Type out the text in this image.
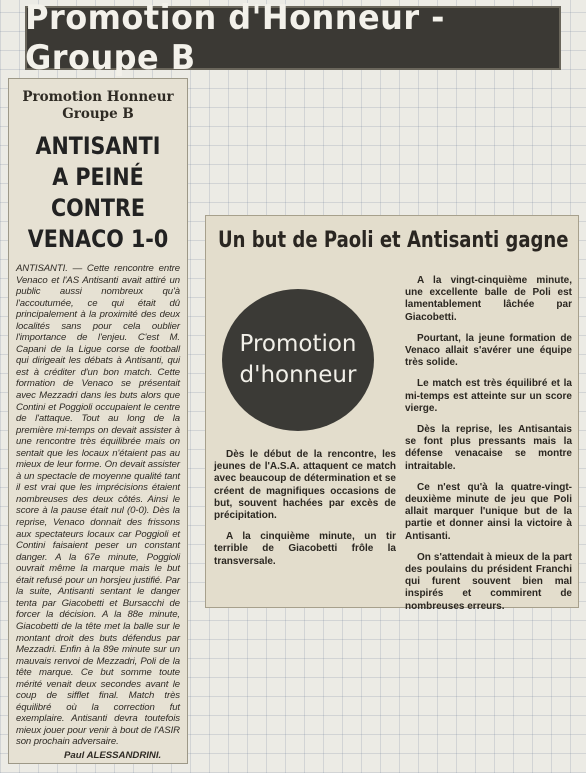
Promotion d'Honneur - Groupe B
Promotion Honneur Groupe B
ANTISANTI A PEINÉ CONTRE VENACO 1-0
ANTISANTI. — Cette rencontre entre Venaco et l'AS Antisanti avait attiré un public aussi nombreux qu'à l'accoutumée, ce qui était dû principalement à la proximité des deux localités sans pour cela oublier l'importance de l'enjeu. C'est M. Capani de la Ligue corse de football qui dirigeait les débats à Antisanti, qui est à créditer d'un bon match. Cette formation de Venaco se présentait avec Mezzadri dans les buts alors que Contini et Poggioli occupaient le centre de l'attaque. Tout au long de la première mi-temps on devait assister à une rencontre très équilibrée mais on sentait que les locaux n'étaient pas au mieux de leur forme. On devait assister à un spectacle de moyenne qualité tant il est vrai que les imprécisions étaient nombreuses des deux côtés. Ainsi le score à la pause était nul (0-0). Dès la reprise, Venaco donnait des frissons aux spectateurs locaux car Poggioli et Contini faisaient peser un constant danger. A la 67e minute, Poggioli ouvrait même la marque mais le but était refusé pour un horsjeu justifié. Par la suite, Antisanti sentant le danger tenta par Giacobetti et Bursacchi de forcer la décision. A la 88e minute, Giacobetti de la tête met la balle sur le montant droit des buts défendus par Mezzadri. Enfin à la 89e minute sur un mauvais renvoi de Mezzadri, Poli de la tête marque. Ce but somme toute mérité venait deux secondes avant le coup de sifflet final. Match très équilibré où la correction fut exemplaire. Antisanti devra toutefois mieux jouer pour venir à bout de l'ASIR son prochain adversaire.
Paul ALESSANDRINI.
Un but de Paoli et Antisanti gagne
Promotion
d'honneur

Dès le début de la rencontre, les jeunes de l'A.S.A. attaquent ce match avec beaucoup de détermination et se créent de magnifiques occasions de but, souvent hachées par excès de précipitation.

A la cinquième minute, un tir terrible de Giacobetti frôle la transversale.

A la vingt-cinquième minute, une excellente balle de Poli est lamentablement lâchée par Giacobetti.

Pourtant, la jeune formation de Venaco allait s'avérer une équipe très solide.

Le match est très équilibré et la mi-temps est atteinte sur un score vierge.

Dès la reprise, les Antisantais se font plus pressants mais la défense venacaise se montre intraitable.

Ce n'est qu'à la quatre-vingt-deuxième minute de jeu que Poli allait marquer l'unique but de la partie et donner ainsi la victoire à Antisanti.

On s'attendait à mieux de la part des poulains du président Franchi qui furent souvent bien mal inspirés et commirent de nombreuses erreurs.
